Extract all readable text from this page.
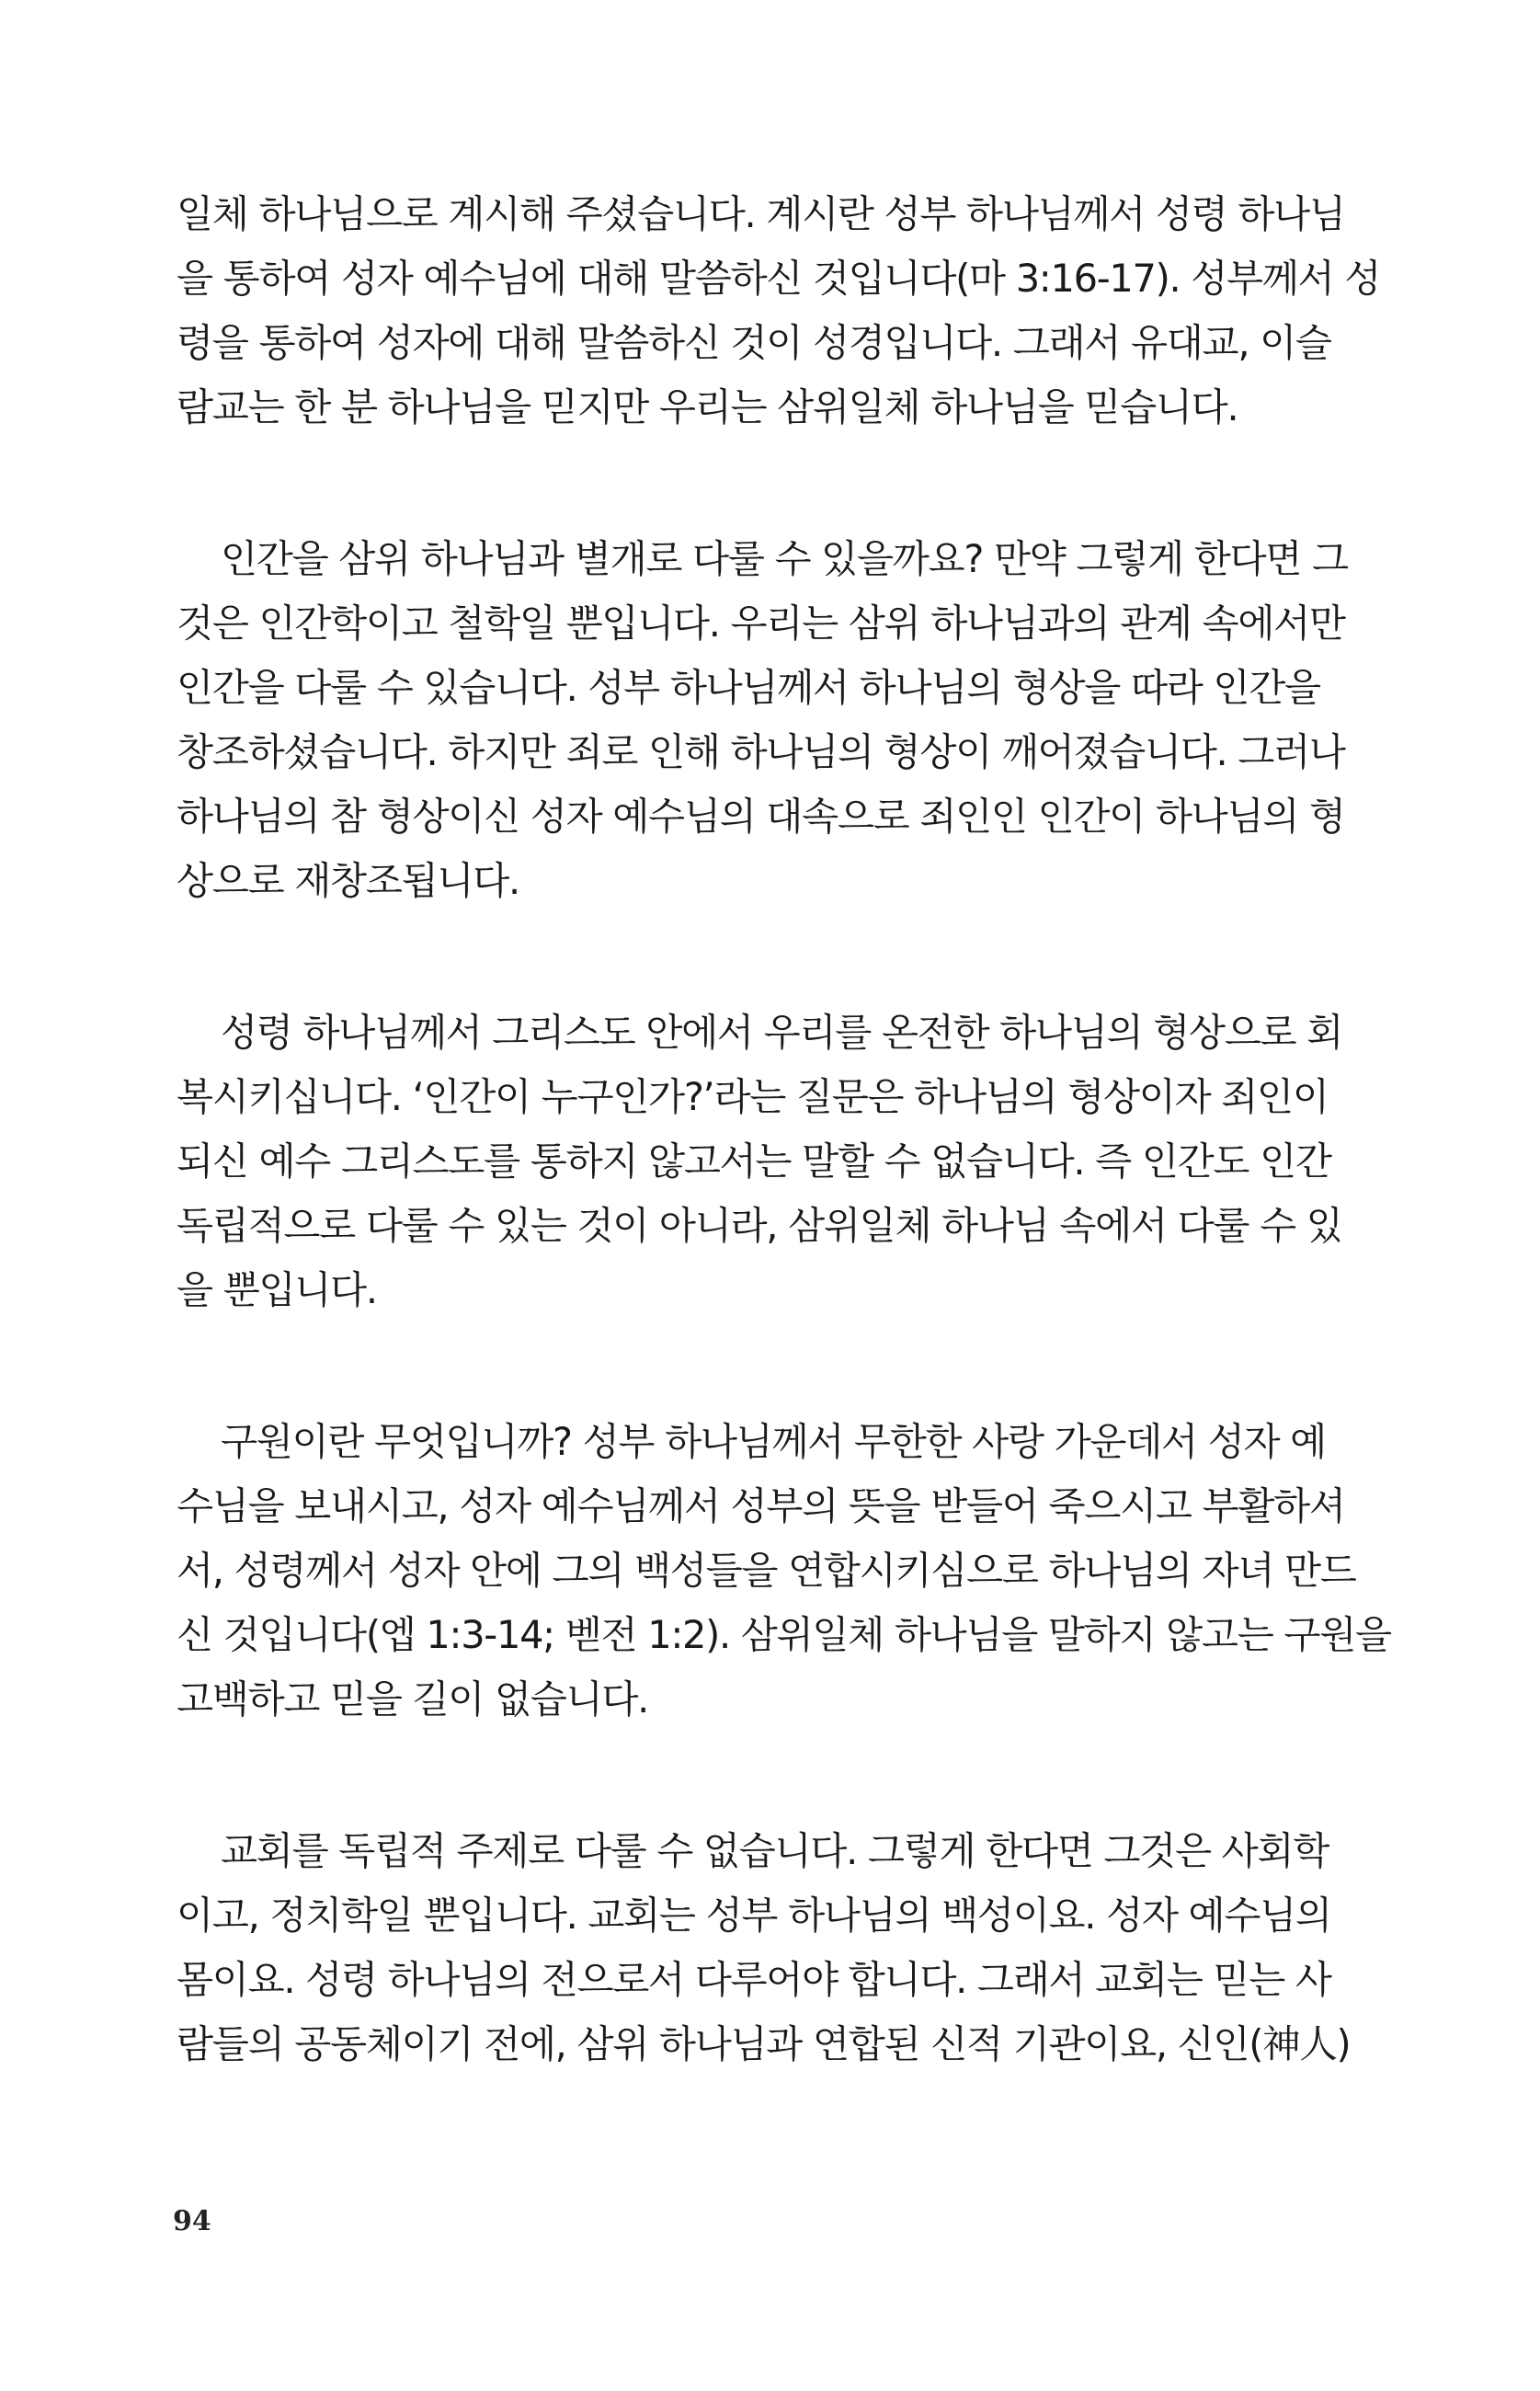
일체 하나님으로 계시해 주셨습니다. 계시란 성부 하나님께서 성령 하나님
을 통하여 성자 예수님에 대해 말씀하신 것입니다(마 3:16-17). 성부께서 성
령을 통하여 성자에 대해 말씀하신 것이 성경입니다. 그래서 유대교, 이슬
람교는 한 분 하나님을 믿지만 우리는 삼위일체 하나님을 믿습니다.

인간을 삼위 하나님과 별개로 다룰 수 있을까요? 만약 그렇게 한다면 그
것은 인간학이고 철학일 뿐입니다. 우리는 삼위 하나님과의 관계 속에서만
인간을 다룰 수 있습니다. 성부 하나님께서 하나님의 형상을 따라 인간을
창조하셨습니다. 하지만 죄로 인해 하나님의 형상이 깨어졌습니다. 그러나
하나님의 참 형상이신 성자 예수님의 대속으로 죄인인 인간이 하나님의 형
상으로 재창조됩니다.

성령 하나님께서 그리스도 안에서 우리를 온전한 하나님의 형상으로 회
복시키십니다. ‘인간이 누구인가?’라는 질문은 하나님의 형상이자 죄인이
되신 예수 그리스도를 통하지 않고서는 말할 수 없습니다. 즉 인간도 인간
독립적으로 다룰 수 있는 것이 아니라, 삼위일체 하나님 속에서 다룰 수 있
을 뿐입니다.

구원이란 무엇입니까? 성부 하나님께서 무한한 사랑 가운데서 성자 예
수님을 보내시고, 성자 예수님께서 성부의 뜻을 받들어 죽으시고 부활하셔
서, 성령께서 성자 안에 그의 백성들을 연합시키심으로 하나님의 자녀 만드
신 것입니다(엡 1:3-14; 벧전 1:2). 삼위일체 하나님을 말하지 않고는 구원을
고백하고 믿을 길이 없습니다.

교회를 독립적 주제로 다룰 수 없습니다. 그렇게 한다면 그것은 사회학
이고, 정치학일 뿐입니다. 교회는 성부 하나님의 백성이요. 성자 예수님의
몸이요. 성령 하나님의 전으로서 다루어야 합니다. 그래서 교회는 믿는 사
람들의 공동체이기 전에, 삼위 하나님과 연합된 신적 기관이요, 신인(神人)

94
